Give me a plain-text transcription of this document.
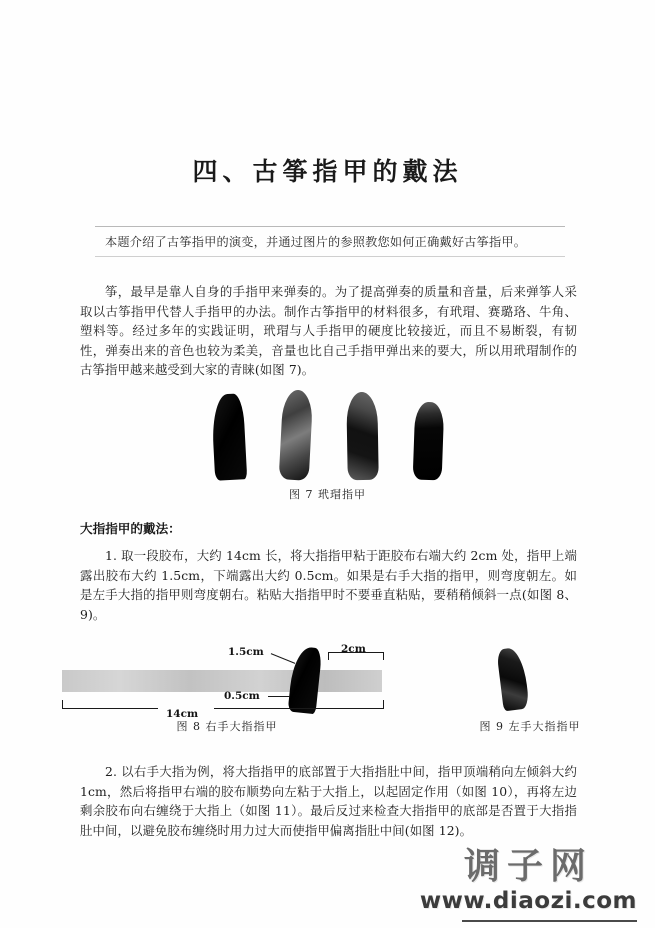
四、古筝指甲的戴法
本题介绍了古筝指甲的演变，并通过图片的参照教您如何正确戴好古筝指甲。
筝，最早是靠人自身的手指甲来弹奏的。为了提高弹奏的质量和音量，后来弹筝人采取以古筝指甲代替人手指甲的办法。制作古筝指甲的材料很多，有玳瑁、赛璐珞、牛角、塑料等。经过多年的实践证明，玳瑁与人手指甲的硬度比较接近，而且不易断裂，有韧性，弹奏出来的音色也较为柔美，音量也比自己手指甲弹出来的要大，所以用玳瑁制作的古筝指甲越来越受到大家的青睐(如图 7)。
图 7 玳瑁指甲
大指指甲的戴法：
1. 取一段胶布，大约 14cm 长，将大指指甲粘于距胶布右端大约 2cm 处，指甲上端露出胶布大约 1.5cm，下端露出大约 0.5cm。如果是右手大指的指甲，则弯度朝左。如是左手大指的指甲则弯度朝右。粘贴大指指甲时不要垂直粘贴，要稍稍倾斜一点(如图 8、9)。
1.5cm	2cm
0.5cm
14cm
图 8 右手大指指甲	图 9 左手大指指甲
2. 以右手大指为例，将大指指甲的底部置于大指指肚中间，指甲顶端稍向左倾斜大约 1cm，然后将指甲右端的胶布顺势向左粘于大指上，以起固定作用（如图 10），再将左边剩余胶布向右缠绕于大指上（如图 11）。最后反过来检查大指指甲的底部是否置于大指指肚中间，以避免胶布缠绕时用力过大而使指甲偏离指肚中间(如图 12)。
调子网
www.diaozi.com
